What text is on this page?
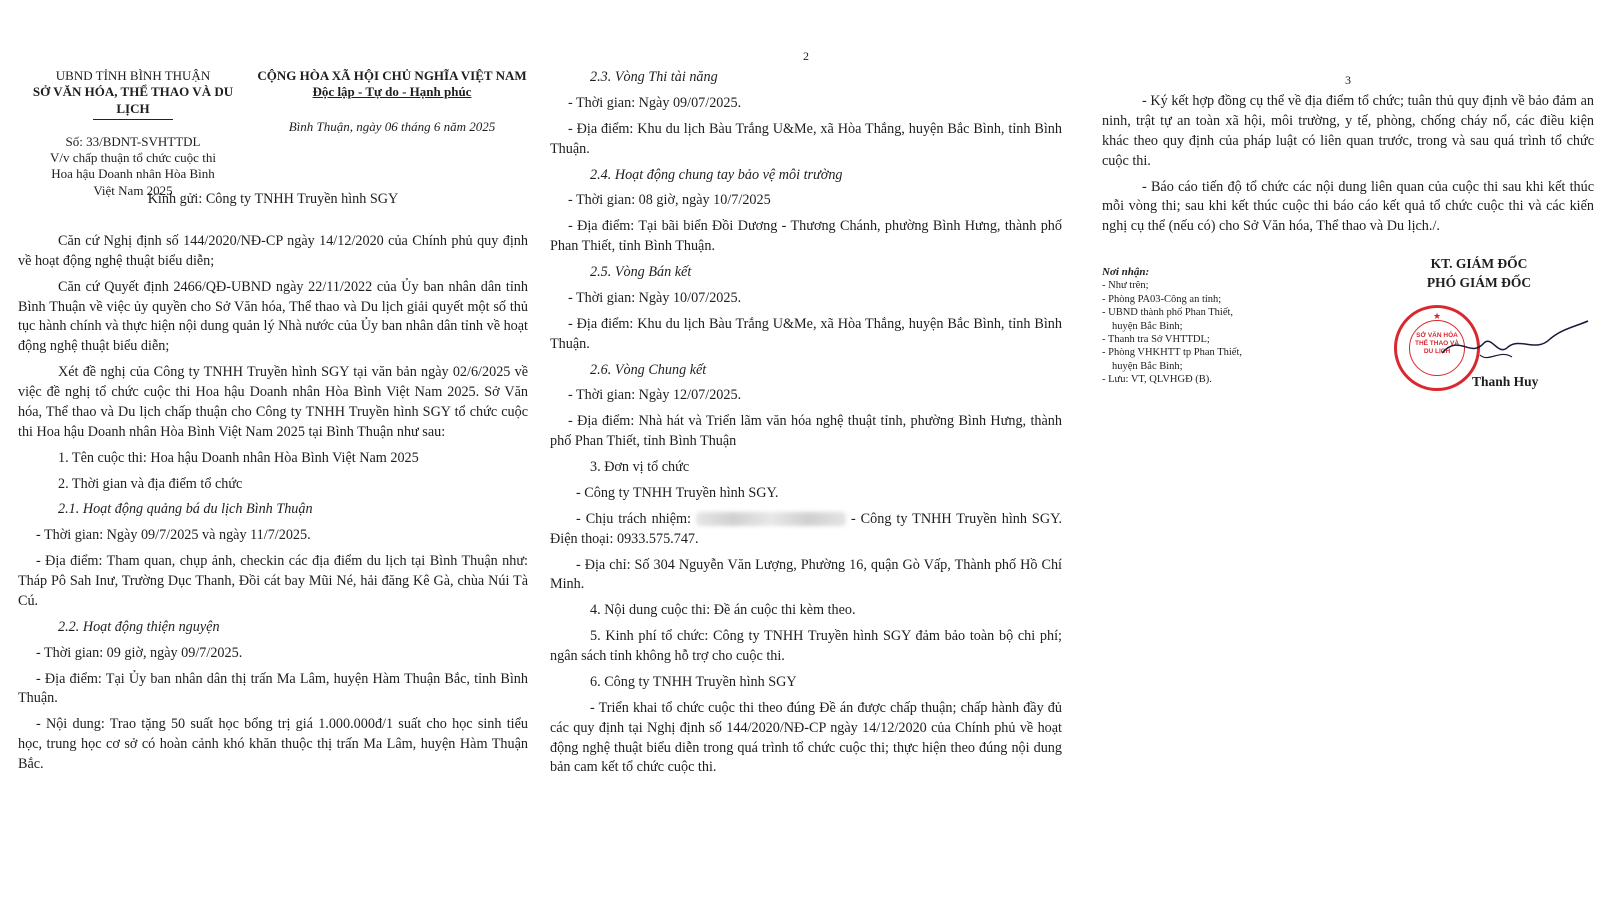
UBND TỈNH BÌNH THUẬN
SỞ VĂN HÓA, THỂ THAO VÀ DU LỊCH
Số: 33/BDNT-SVHTTDL
V/v chấp thuận tổ chức cuộc thi
Hoa hậu Doanh nhân Hòa Bình
Việt Nam 2025
CỘNG HÒA XÃ HỘI CHỦ NGHĨA VIỆT NAM
Độc lập - Tự do - Hạnh phúc
Bình Thuận, ngày 06 tháng 6 năm 2025
Kính gửi: Công ty TNHH Truyền hình SGY

Căn cứ Nghị định số 144/2020/NĐ-CP ngày 14/12/2020 của Chính phủ quy định về hoạt động nghệ thuật biểu diễn;

Căn cứ Quyết định 2466/QĐ-UBND ngày 22/11/2022 của Ủy ban nhân dân tỉnh Bình Thuận về việc ủy quyền cho Sở Văn hóa, Thể thao và Du lịch giải quyết một số thủ tục hành chính và thực hiện nội dung quản lý Nhà nước của Ủy ban nhân dân tỉnh về hoạt động nghệ thuật biểu diễn;

Xét đề nghị của Công ty TNHH Truyền hình SGY tại văn bản ngày 02/6/2025 về việc đề nghị tổ chức cuộc thi Hoa hậu Doanh nhân Hòa Bình Việt Nam 2025. Sở Văn hóa, Thể thao và Du lịch chấp thuận cho Công ty TNHH Truyền hình SGY tổ chức cuộc thi Hoa hậu Doanh nhân Hòa Bình Việt Nam 2025 tại Bình Thuận như sau:

1. Tên cuộc thi: Hoa hậu Doanh nhân Hòa Bình Việt Nam 2025

2. Thời gian và địa điểm tổ chức

2.1. Hoạt động quảng bá du lịch Bình Thuận

- Thời gian: Ngày 09/7/2025 và ngày 11/7/2025.

- Địa điểm: Tham quan, chụp ảnh, checkin các địa điểm du lịch tại Bình Thuận như: Tháp Pô Sah Inư, Trường Dục Thanh, Đồi cát bay Mũi Né, hải đăng Kê Gà, chùa Núi Tà Cú.

2.2. Hoạt động thiện nguyện

- Thời gian: 09 giờ, ngày 09/7/2025.

- Địa điểm: Tại Ủy ban nhân dân thị trấn Ma Lâm, huyện Hàm Thuận Bắc, tỉnh Bình Thuận.

- Nội dung: Trao tặng 50 suất học bổng trị giá 1.000.000đ/1 suất cho học sinh tiểu học, trung học cơ sở có hoàn cảnh khó khăn thuộc thị trấn Ma Lâm, huyện Hàm Thuận Bắc.

2

2.3. Vòng Thi tài năng

- Thời gian: Ngày 09/07/2025.

- Địa điểm: Khu du lịch Bàu Trắng U&Me, xã Hòa Thắng, huyện Bắc Bình, tỉnh Bình Thuận.

2.4. Hoạt động chung tay bảo vệ môi trường

- Thời gian: 08 giờ, ngày 10/7/2025

- Địa điểm: Tại bãi biển Đồi Dương - Thương Chánh, phường Bình Hưng, thành phố Phan Thiết, tỉnh Bình Thuận.

2.5. Vòng Bán kết

- Thời gian: Ngày 10/07/2025.

- Địa điểm: Khu du lịch Bàu Trắng U&Me, xã Hòa Thắng, huyện Bắc Bình, tỉnh Bình Thuận.

2.6. Vòng Chung kết

- Thời gian: Ngày 12/07/2025.

- Địa điểm: Nhà hát và Triển lãm văn hóa nghệ thuật tỉnh, phường Bình Hưng, thành phố Phan Thiết, tỉnh Bình Thuận

3. Đơn vị tổ chức

- Công ty TNHH Truyền hình SGY.

- Chịu trách nhiệm:	- Công ty TNHH Truyền hình SGY. Điện thoại: 0933.575.747.

- Địa chỉ: Số 304 Nguyễn Văn Lượng, Phường 16, quận Gò Vấp, Thành phố Hồ Chí Minh.

4. Nội dung cuộc thi: Đề án cuộc thi kèm theo.

5. Kinh phí tổ chức: Công ty TNHH Truyền hình SGY đảm bảo toàn bộ chi phí; ngân sách tỉnh không hỗ trợ cho cuộc thi.

6. Công ty TNHH Truyền hình SGY

- Triển khai tổ chức cuộc thi theo đúng Đề án được chấp thuận; chấp hành đầy đủ các quy định tại Nghị định số 144/2020/NĐ-CP ngày 14/12/2020 của Chính phủ về hoạt động nghệ thuật biểu diễn trong quá trình tổ chức cuộc thi; thực hiện theo đúng nội dung bản cam kết tổ chức cuộc thi.

3

- Ký kết hợp đồng cụ thể về địa điểm tổ chức; tuân thủ quy định về bảo đảm an ninh, trật tự an toàn xã hội, môi trường, y tế, phòng, chống cháy nổ, các điều kiện khác theo quy định của pháp luật có liên quan trước, trong và sau quá trình tổ chức cuộc thi.

- Báo cáo tiến độ tổ chức các nội dung liên quan của cuộc thi sau khi kết thúc mỗi vòng thi; sau khi kết thúc cuộc thi báo cáo kết quả tổ chức cuộc thi và các kiến nghị cụ thể (nếu có) cho Sở Văn hóa, Thể thao và Du lịch./.

Nơi nhận:
- Như trên;
- Phòng PA03-Công an tỉnh;
- UBND thành phố Phan Thiết,
huyện Bắc Bình;
- Thanh tra Sở VHTTDL;
- Phòng VHKHTT tp Phan Thiết,
huyện Bắc Bình;
- Lưu: VT, QLVHGĐ (B).
KT. GIÁM ĐỐC
PHÓ GIÁM ĐỐC
★
SỞ VĂN HÓA THỂ THAO VÀ DU LỊCH
Thanh Huy
